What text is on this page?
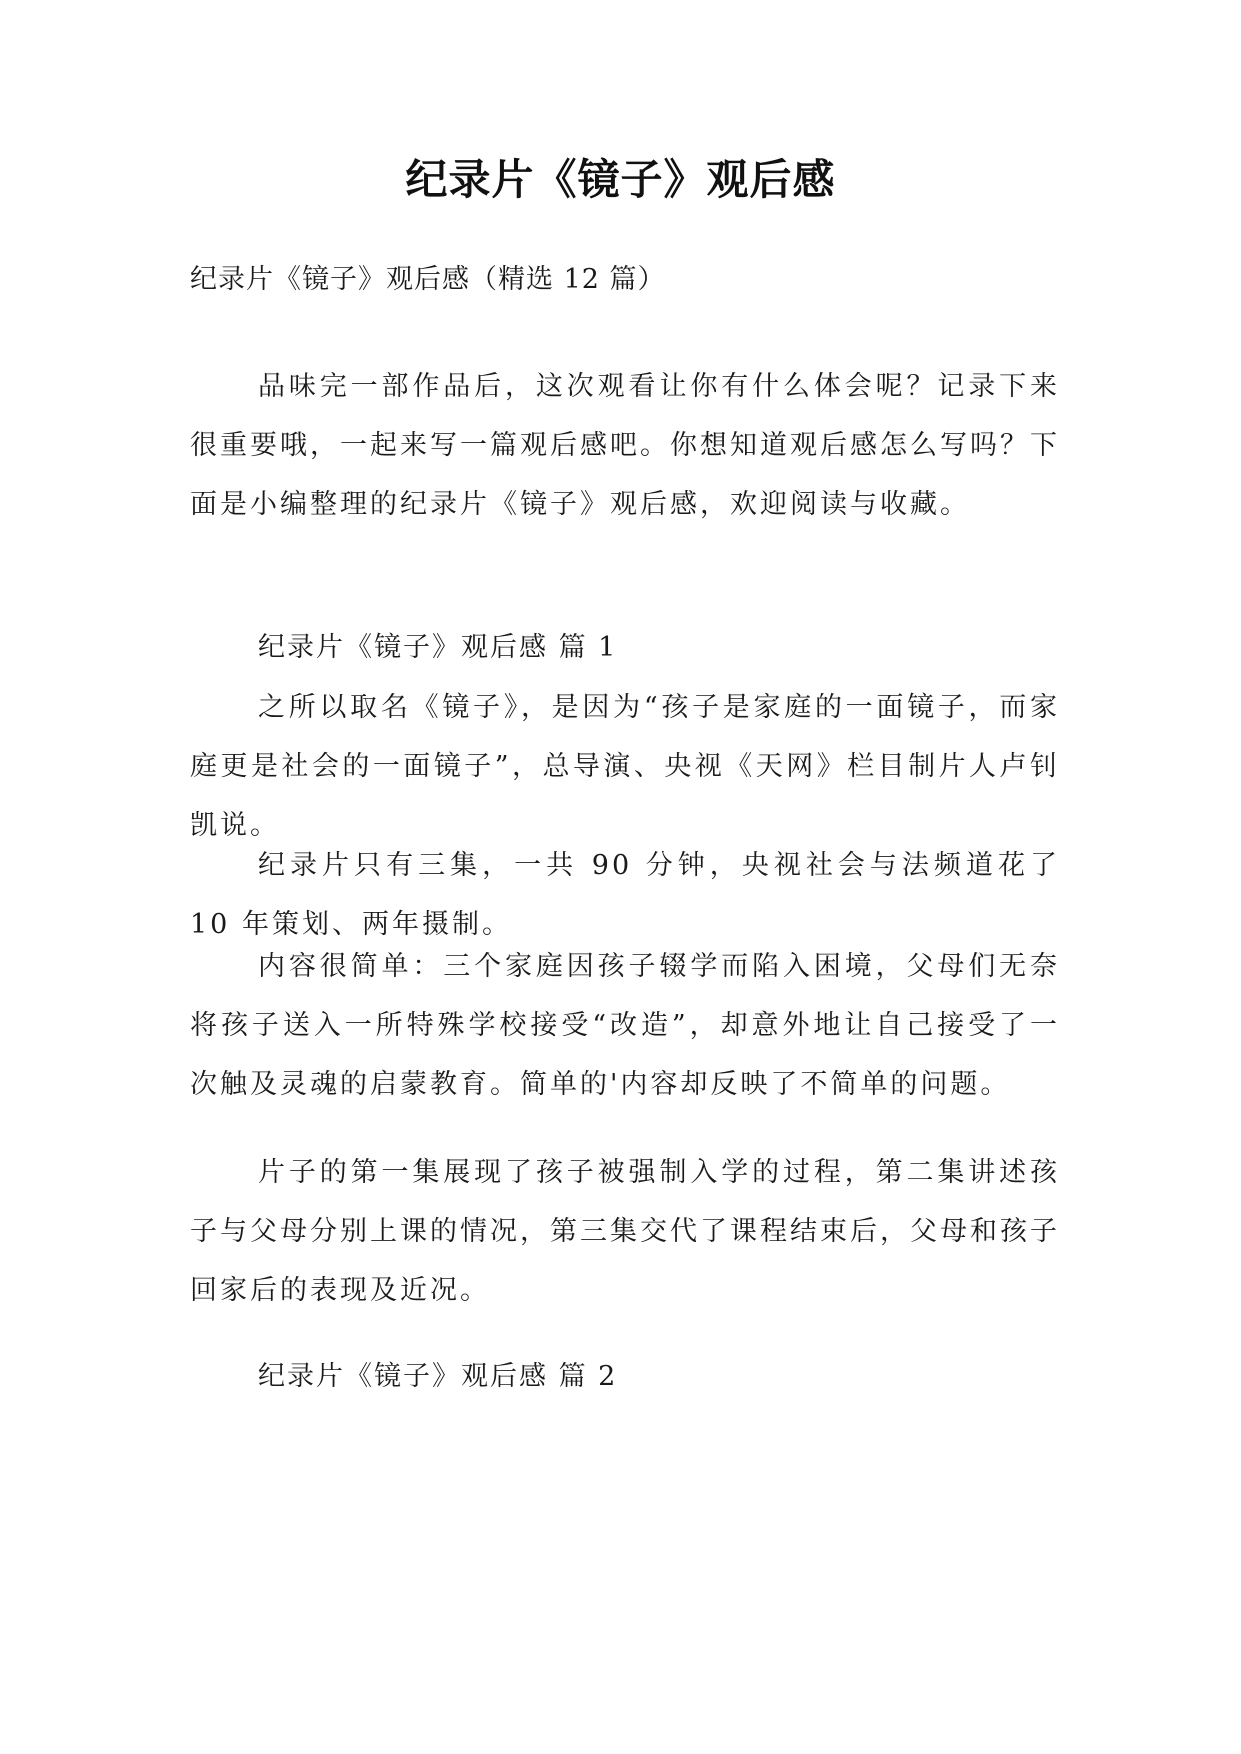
纪录片《镜子》观后感
纪录片《镜子》观后感（精选 12 篇）

品味完一部作品后，这次观看让你有什么体会呢？记录下来很重要哦，一起来写一篇观后感吧。你想知道观后感怎么写吗？下面是小编整理的纪录片《镜子》观后感，欢迎阅读与收藏。

纪录片《镜子》观后感 篇 1

之所以取名《镜子》，是因为“孩子是家庭的一面镜子，而家庭更是社会的一面镜子”，总导演、央视《天网》栏目制片人卢钊凯说。

纪录片只有三集，一共 90 分钟，央视社会与法频道花了 10 年策划、两年摄制。

内容很简单：三个家庭因孩子辍学而陷入困境，父母们无奈将孩子送入一所特殊学校接受“改造”，却意外地让自己接受了一次触及灵魂的启蒙教育。简单的'内容却反映了不简单的问题。

片子的第一集展现了孩子被强制入学的过程，第二集讲述孩子与父母分别上课的情况，第三集交代了课程结束后，父母和孩子回家后的表现及近况。

纪录片《镜子》观后感 篇 2
